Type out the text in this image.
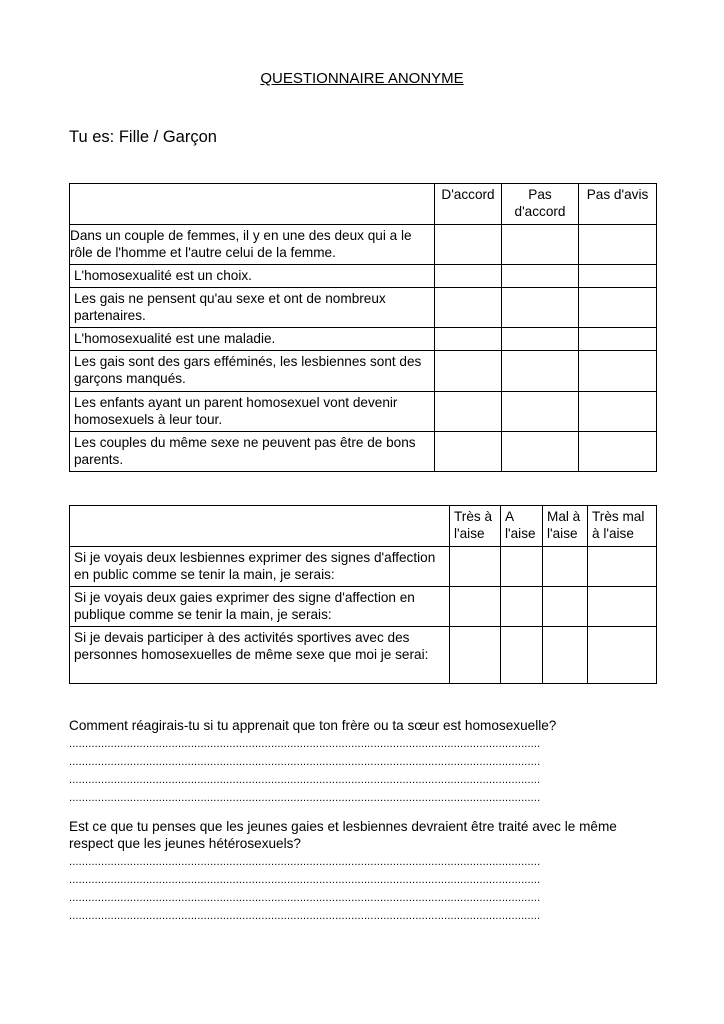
QUESTIONNAIRE ANONYME
Tu es: Fille / Garçon
	D'accord	Pas d'accord	Pas d'avis
Dans un couple de femmes, il y en une des deux qui a le rôle de l'homme et l'autre celui de la femme.			
L'homosexualité est un choix.			
Les gais ne pensent qu'au sexe et ont de nombreux partenaires.			
L'homosexualité est une maladie.			
Les gais sont des gars efféminés, les lesbiennes sont des garçons manqués.			
Les enfants ayant un parent homosexuel vont devenir homosexuels à leur tour.			
Les couples du même sexe ne peuvent pas être de bons parents.			
	Très à l'aise	A l'aise	Mal à l'aise	Très mal à l'aise
Si je voyais deux lesbiennes exprimer des signes d'affection en public comme se tenir la main, je serais:				
Si je voyais deux gaies exprimer des signe d'affection en publique comme se tenir la main, je serais:				
Si je devais participer à des activités sportives avec des personnes homosexuelles de même sexe que moi je serai:				
Comment réagirais-tu si tu apprenait que ton frère ou ta sœur est homosexuelle?
...................................................................................................................................................
...................................................................................................................................................
...................................................................................................................................................
...................................................................................................................................................
Est ce que tu penses que les jeunes gaies et lesbiennes devraient être traité avec le même respect que les jeunes hétérosexuels?
...................................................................................................................................................
...................................................................................................................................................
...................................................................................................................................................
...................................................................................................................................................
